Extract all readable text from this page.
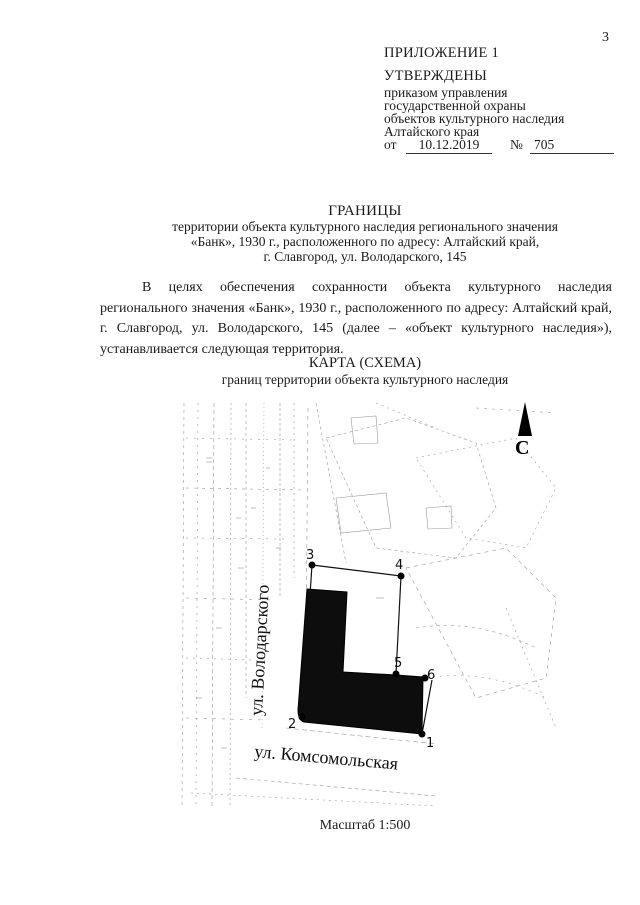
3
ПРИЛОЖЕНИЕ 1
УТВЕРЖДЕНЫ
приказом управления
государственной охраны
объектов культурного наследия
Алтайского края
от	10.12.2019	№ 705
ГРАНИЦЫ
территории объекта культурного наследия регионального значения
«Банк», 1930 г., расположенного по адресу: Алтайский край,
г. Славгород, ул. Володарского, 145
В целях обеспечения сохранности объекта культурного наследия регионального значения «Банк», 1930 г., расположенного по адресу: Алтайский край, г. Славгород, ул. Володарского, 145 (далее – «объект культурного наследия»), устанавливается следующая территория.
КАРТА (СХЕМА)
границ территории объекта культурного наследия
1
2
3
4
5
6
С
ул. Володарского
ул. Комсомольская
Масштаб 1:500
